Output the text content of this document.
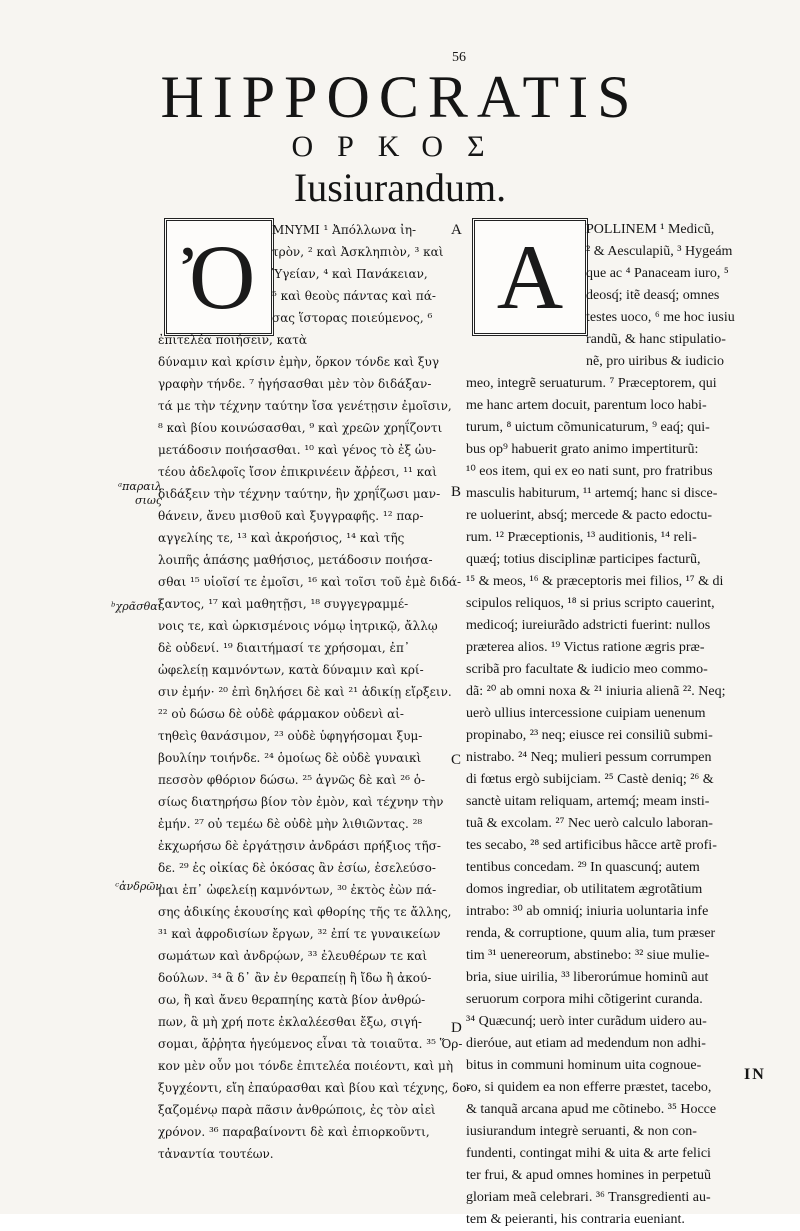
56
HIPPOCRATIS
ΟΡΚΟΣ
Iusiurandum.
Ὀ	A
A
B
C
D
ᵃπαραιλ σιως
ᵇχρᾶσθαι
ᶜἀνδρῶν
ΜΝΥΜΙ ¹ Ἀπόλλωνα ἰη-
τρὸν, ² καὶ Ἀσκληπιὸν, ³ καὶ
Ὑγείαν, ⁴ καὶ Πανάκειαν,
⁵ καὶ θεοὺς πάντας καὶ πά-
σας ἵστορας ποιεύμενος, ⁶
ἐπιτελέα ποιήσειν, κατὰ
δύναμιν καὶ κρίσιν ἐμὴν, ὅρκον τόνδε καὶ ξυγ
γραφὴν τήνδε. ⁷ ἡγήσασθαι μὲν τὸν διδάξαν-
τά με τὴν τέχνην ταύτην ἴσα γενέτῃσιν ἐμοῖσιν,
⁸ καὶ βίου κοινώσασθαι, ⁹ καὶ χρεῶν χρηΐζοντι
μετάδοσιν ποιήσασθαι. ¹⁰ καὶ γένος τὸ ἐξ ὠυ-
τέου ἀδελφοῖς ἴσον ἐπικρινέειν ἄῤῥεσι, ¹¹ καὶ
διδάξειν τὴν τέχνην ταύτην, ἢν χρηΐζωσι μαν-
θάνειν, ἄνευ μισθοῦ καὶ ξυγγραφῆς. ¹² παρ-
αγγελίης τε, ¹³ καὶ ἀκροήσιος, ¹⁴ καὶ τῆς
λοιπῆς ἁπάσης μαθήσιος, μετάδοσιν ποιήσα-
σθαι ¹⁵ υἱοῖσί τε ἐμοῖσι, ¹⁶ καὶ τοῖσι τοῦ ἐμὲ διδά-
ξαντος, ¹⁷ καὶ μαθητῇσι, ¹⁸ συγγεγραμμέ-
νοις τε, καὶ ὡρκισμένοις νόμῳ ἰητρικῷ, ἄλλῳ
δὲ οὐδενί. ¹⁹ διαιτήμασί τε χρήσομαι, ἐπ᾽
ὠφελείῃ καμνόντων, κατὰ δύναμιν καὶ κρί-
σιν ἐμήν· ²⁰ ἐπὶ δηλήσει δὲ καὶ ²¹ ἀδικίῃ εἴρξειν.
²² οὐ δώσω δὲ οὐδὲ φάρμακον οὐδενὶ αἰ-
τηθεὶς θανάσιμον, ²³ οὐδὲ ὑφηγήσομαι ξυμ-
βουλίην τοιήνδε. ²⁴ ὁμοίως δὲ οὐδὲ γυναικὶ
πεσσὸν φθόριον δώσω. ²⁵ ἁγνῶς δὲ καὶ ²⁶ ὁ-
σίως διατηρήσω βίον τὸν ἐμὸν, καὶ τέχνην τὴν
ἐμήν. ²⁷ οὐ τεμέω δὲ οὐδὲ μὴν λιθιῶντας. ²⁸
ἐκχωρήσω δὲ ἐργάτῃσιν ἀνδράσι πρήξιος τῆσ-
δε. ²⁹ ἐς οἰκίας δὲ ὁκόσας ἂν ἐσίω, ἐσελεύσο-
μαι ἐπ᾽ ὠφελείῃ καμνόντων, ³⁰ ἐκτὸς ἐὼν πά-
σης ἀδικίης ἑκουσίης καὶ φθορίης τῆς τε ἄλλης,
³¹ καὶ ἀφροδισίων ἔργων, ³² ἐπί τε γυναικείων
σωμάτων καὶ ἀνδρῴων, ³³ ἐλευθέρων τε καὶ
δούλων. ³⁴ ἃ δ᾽ ἂν ἐν θεραπείῃ ἢ ἴδω ἢ ἀκού-
σω, ἢ καὶ ἄνευ θεραπηίης κατὰ βίον ἀνθρώ-
πων, ἃ μὴ χρή ποτε ἐκλαλέεσθαι ἔξω, σιγή-
σομαι, ἄῤῥητα ἡγεύμενος εἶναι τὰ τοιαῦτα. ³⁵ Ὅρ-
κον μὲν οὖν μοι τόνδε ἐπιτελέα ποιέοντι, καὶ μὴ
ξυγχέοντι, εἴη ἐπαύρασθαι καὶ βίου καὶ τέχνης, δο-
ξαζομένῳ παρὰ πᾶσιν ἀνθρώποις, ἐς τὸν αἰεὶ
χρόνον. ³⁶ παραβαίνοντι δὲ καὶ ἐπιορκοῦντι,
τἀναντία τουτέων.
POLLINEM ¹ Medicũ,
² & Aesculapiũ, ³ Hygeám
que ac ⁴ Panaceam iuro, ⁵
deosq́; itẽ deasq́; omnes
testes uoco, ⁶ me hoc iusiu
randũ, & hanc stipulatio-
nẽ, pro uiribus & iudicio
meo, integrẽ seruaturum. ⁷ Præceptorem, qui
me hanc artem docuit, parentum loco habi-
turum, ⁸ uictum cõmunicaturum, ⁹ eaq́; qui-
bus op⁹ habuerit grato animo impertiturũ:
¹⁰ eos item, qui ex eo nati sunt, pro fratribus
masculis habiturum, ¹¹ artemq́; hanc si disce-
re uoluerint, absq́; mercede & pacto edoctu-
rum. ¹² Præceptionis, ¹³ auditionis, ¹⁴ reli-
quæq́; totius disciplinæ participes facturũ,
¹⁵ & meos, ¹⁶ & præceptoris mei filios, ¹⁷ & di
scipulos reliquos, ¹⁸ si prius scripto cauerint,
medicoq́; iureiurãdo adstricti fuerint: nullos
præterea alios. ¹⁹ Victus ratione ægris præ-
scribã pro facultate & iudicio meo commo-
dã: ²⁰ ab omni noxa & ²¹ iniuria alienã ²². Neq;
uerò ullius intercessione cuipiam uenenum
propinabo, ²³ neq; eiusce rei consiliũ submi-
nistrabo. ²⁴ Neq; mulieri pessum corrumpen
di fœtus ergò subijciam. ²⁵ Castè deniq; ²⁶ &
sanctè uitam reliquam, artemq́; meam insti-
tuã & excolam. ²⁷ Nec uerò calculo laboran-
tes secabo, ²⁸ sed artificibus hãcce artẽ profi-
tentibus concedam. ²⁹ In quascunq́; autem
domos ingrediar, ob utilitatem ægrotãtium
intrabo: ³⁰ ab omniq́; iniuria uoluntaria infe
renda, & corruptione, quum alia, tum præser
tim ³¹ uenereorum, abstinebo: ³² siue mulie-
bria, siue uirilia, ³³ liberorúmue hominũ aut
seruorum corpora mihi cõtigerint curanda.
³⁴ Quæcunq́; uerò inter curãdum uidero au-
dieróue, aut etiam ad medendum non adhi-
bitus in communi hominum uita cognoue-
ro, si quidem ea non efferre præstet, tacebo,
& tanquã arcana apud me cõtinebo. ³⁵ Hocce
iusiurandum integrè seruanti, & non con-
fundenti, contingat mihi & uita & arte felici
ter frui, & apud omnes homines in perpetuũ
gloriam meã celebrari. ³⁶ Transgredienti au-
tem & peieranti, his contraria eueniant.
IN
